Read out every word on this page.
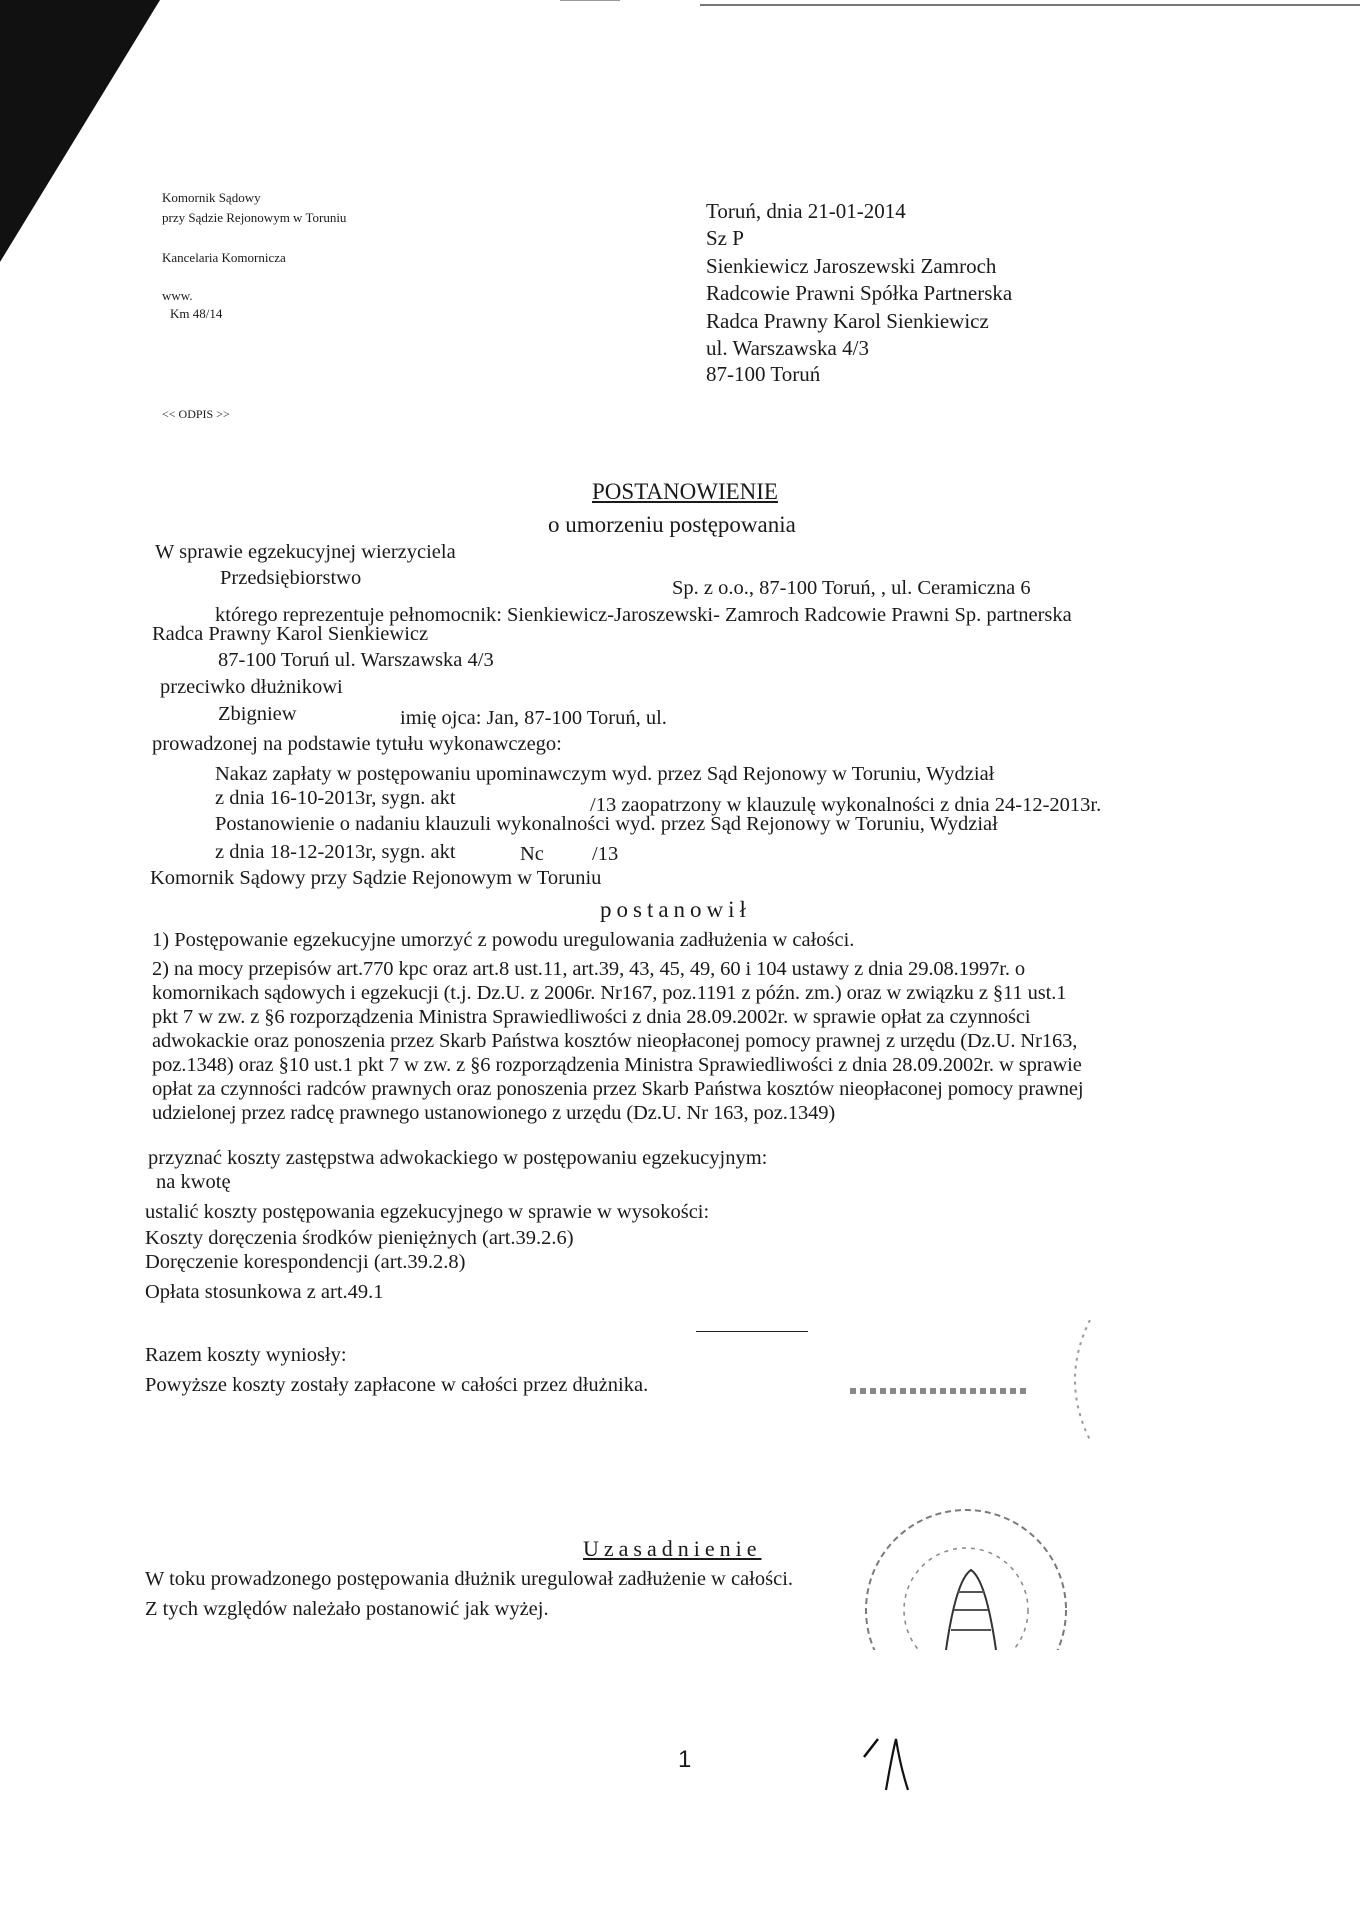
Komornik Sądowy
przy Sądzie Rejonowym w Toruniu
Kancelaria Komornicza
www.
Km 48/14
<< ODPIS >>
Toruń, dnia 21-01-2014
Sz P
Sienkiewicz Jaroszewski Zamroch
Radcowie Prawni Spółka Partnerska
Radca Prawny Karol Sienkiewicz
ul. Warszawska 4/3
87-100 Toruń
POSTANOWIENIE
o umorzeniu postępowania
W sprawie egzekucyjnej wierzyciela
Przedsiębiorstwo	Sp. z o.o., 87-100 Toruń, , ul. Ceramiczna 6
którego reprezentuje pełnomocnik: Sienkiewicz-Jaroszewski- Zamroch Radcowie Prawni Sp. partnerska
Radca Prawny Karol Sienkiewicz
87-100 Toruń ul. Warszawska 4/3
przeciwko dłużnikowi
Zbigniew	imię ojca: Jan, 87-100 Toruń, ul.
prowadzonej na podstawie tytułu wykonawczego:
Nakaz zapłaty w postępowaniu upominawczym wyd. przez Sąd Rejonowy w Toruniu, Wydział
z dnia 16-10-2013r, sygn. akt	/13 zaopatrzony w klauzulę wykonalności z dnia 24-12-2013r.
Postanowienie o nadaniu klauzuli wykonalności wyd. przez Sąd Rejonowy w Toruniu, Wydział
z dnia 18-12-2013r, sygn. akt	Nc /13
Komornik Sądowy przy Sądzie Rejonowym w Toruniu
postanowił
1) Postępowanie egzekucyjne umorzyć z powodu uregulowania zadłużenia w całości.
2) na mocy przepisów art.770 kpc oraz art.8 ust.11, art.39, 43, 45, 49, 60 i 104 ustawy z dnia 29.08.1997r. o
komornikach sądowych i egzekucji (t.j. Dz.U. z 2006r. Nr167, poz.1191 z późn. zm.) oraz w związku z §11 ust.1
pkt 7 w zw. z §6 rozporządzenia Ministra Sprawiedliwości z dnia 28.09.2002r. w sprawie opłat za czynności
adwokackie oraz ponoszenia przez Skarb Państwa kosztów nieopłaconej pomocy prawnej z urzędu (Dz.U. Nr163,
poz.1348) oraz §10 ust.1 pkt 7 w zw. z §6 rozporządzenia Ministra Sprawiedliwości z dnia 28.09.2002r. w sprawie
opłat za czynności radców prawnych oraz ponoszenia przez Skarb Państwa kosztów nieopłaconej pomocy prawnej
udzielonej przez radcę prawnego ustanowionego z urzędu (Dz.U. Nr 163, poz.1349)
przyznać koszty zastępstwa adwokackiego w postępowaniu egzekucyjnym:
na kwotę
ustalić koszty postępowania egzekucyjnego w sprawie w wysokości:
Koszty doręczenia środków pieniężnych (art.39.2.6)
Doręczenie korespondencji (art.39.2.8)
Opłata stosunkowa z art.49.1
Razem koszty wyniosły:
Powyższe koszty zostały zapłacone w całości przez dłużnika.
Uzasadnienie
W toku prowadzonego postępowania dłużnik uregulował zadłużenie w całości.
Z tych względów należało postanowić jak wyżej.
1
